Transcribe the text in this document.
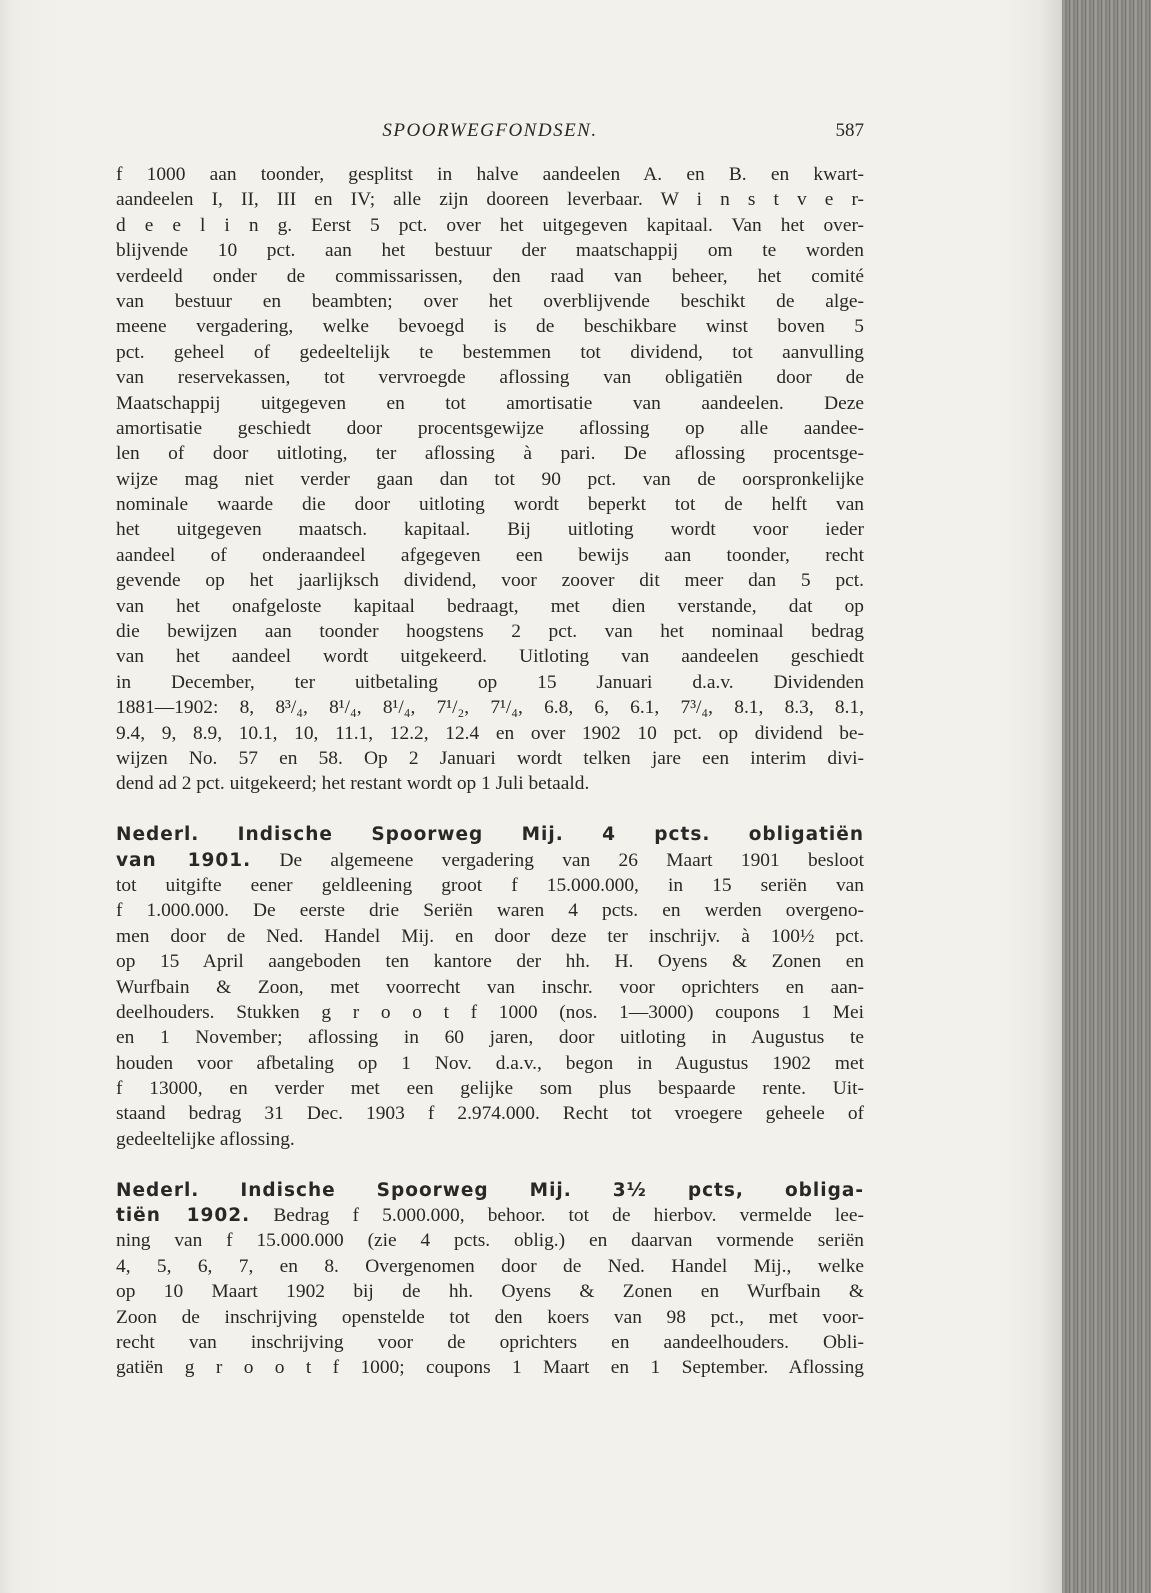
SPOORWEGFONDSEN.	587
f 1000 aan toonder, gesplitst in halve aandeelen A. en B. en kwart-
aandeelen I, II, III en IV; alle zijn dooreen leverbaar. W i n s t v e r-
d e e l i n g. Eerst 5 pct. over het uitgegeven kapitaal. Van het over-
blijvende 10 pct. aan het bestuur der maatschappij om te worden
verdeeld onder de commissarissen, den raad van beheer, het comité
van bestuur en beambten; over het overblijvende beschikt de alge-
meene vergadering, welke bevoegd is de beschikbare winst boven 5
pct. geheel of gedeeltelijk te bestemmen tot dividend, tot aanvulling
van reservekassen, tot vervroegde aflossing van obligatiën door de
Maatschappij uitgegeven en tot amortisatie van aandeelen. Deze
amortisatie geschiedt door procentsgewijze aflossing op alle aandee-
len of door uitloting, ter aflossing à pari. De aflossing procentsge-
wijze mag niet verder gaan dan tot 90 pct. van de oorspronkelijke
nominale waarde die door uitloting wordt beperkt tot de helft van
het uitgegeven maatsch. kapitaal. Bij uitloting wordt voor ieder
aandeel of onderaandeel afgegeven een bewijs aan toonder, recht
gevende op het jaarlijksch dividend, voor zoover dit meer dan 5 pct.
van het onafgeloste kapitaal bedraagt, met dien verstande, dat op
die bewijzen aan toonder hoogstens 2 pct. van het nominaal bedrag
van het aandeel wordt uitgekeerd. Uitloting van aandeelen geschiedt
in December, ter uitbetaling op 15 Januari d.a.v. Dividenden
1881—1902: 8, 8³/₄, 8¹/₄, 8¹/₄, 7¹/₂, 7¹/₄, 6.8, 6, 6.1, 7³/₄, 8.1, 8.3, 8.1,
9.4, 9, 8.9, 10.1, 10, 11.1, 12.2, 12.4 en over 1902 10 pct. op dividend be-
wijzen No. 57 en 58. Op 2 Januari wordt telken jare een interim divi-
dend ad 2 pct. uitgekeerd; het restant wordt op 1 Juli betaald.
Nederl. Indische Spoorweg Mij. 4 pcts. obligatiën
van 1901. De algemeene vergadering van 26 Maart 1901 besloot
tot uitgifte eener geldleening groot f 15.000.000, in 15 seriën van
f 1.000.000. De eerste drie Seriën waren 4 pcts. en werden overgeno-
men door de Ned. Handel Mij. en door deze ter inschrijv. à 100½ pct.
op 15 April aangeboden ten kantore der hh. H. Oyens & Zonen en
Wurfbain & Zoon, met voorrecht van inschr. voor oprichters en aan-
deelhouders. Stukken g r o o t f 1000 (nos. 1—3000) coupons 1 Mei
en 1 November; aflossing in 60 jaren, door uitloting in Augustus te
houden voor afbetaling op 1 Nov. d.a.v., begon in Augustus 1902 met
f 13000, en verder met een gelijke som plus bespaarde rente. Uit-
staand bedrag 31 Dec. 1903 f 2.974.000. Recht tot vroegere geheele of
gedeeltelijke aflossing.
Nederl. Indische Spoorweg Mij. 3½ pcts, obliga-
tiën 1902. Bedrag f 5.000.000, behoor. tot de hierbov. vermelde lee-
ning van f 15.000.000 (zie 4 pcts. oblig.) en daarvan vormende seriën
4, 5, 6, 7, en 8. Overgenomen door de Ned. Handel Mij., welke
op 10 Maart 1902 bij de hh. Oyens & Zonen en Wurfbain &
Zoon de inschrijving openstelde tot den koers van 98 pct., met voor-
recht van inschrijving voor de oprichters en aandeelhouders. Obli-
gatiën g r o o t f 1000; coupons 1 Maart en 1 September. Aflossing
